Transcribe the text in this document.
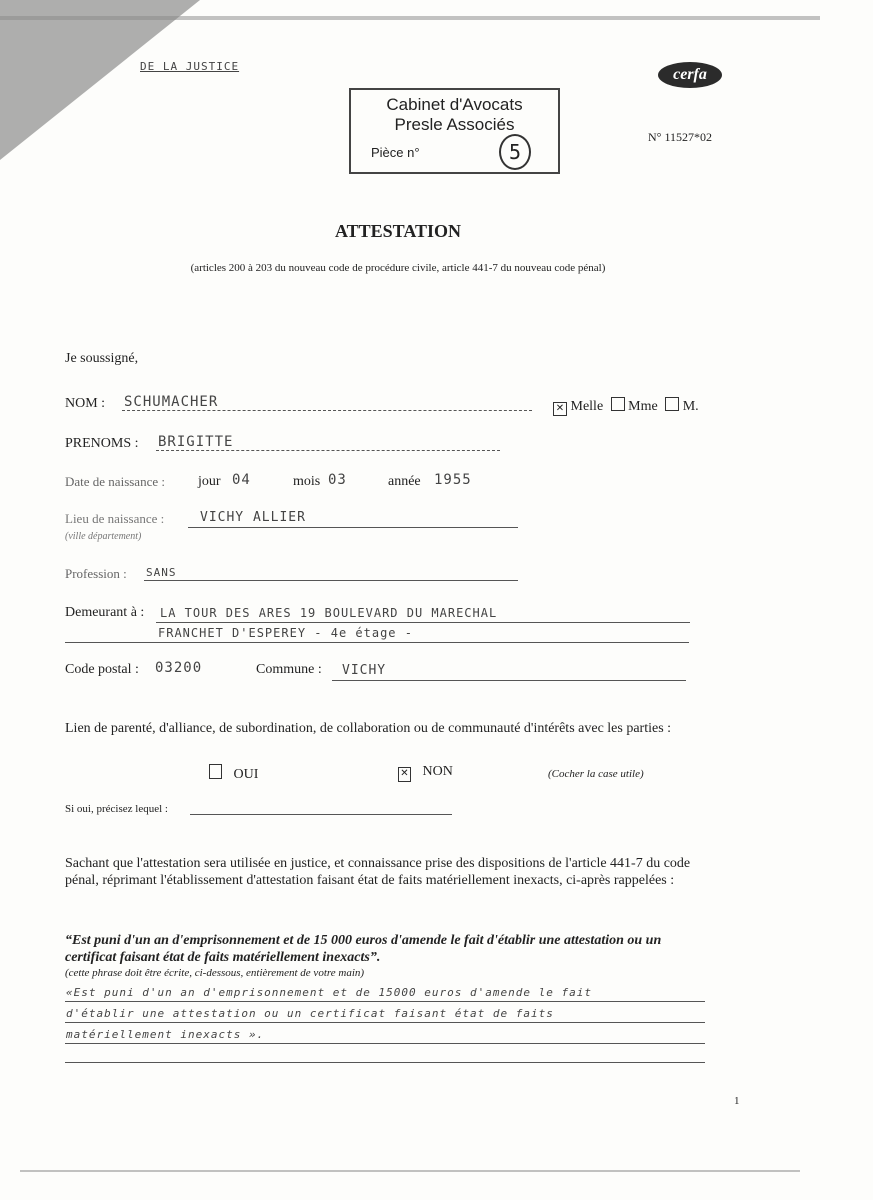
DE LA JUSTICE	cerfa
N° 11527*02
Cabinet d'Avocats
Presle Associés
Pièce n°	5
ATTESTATION
(articles 200 à 203 du nouveau code de procédure civile, article 441-7 du nouveau code pénal)
Je soussigné,
NOM : SCHUMACHER	✕ Melle Mme M.
PRENOMS : BRIGITTE
Date de naissance : jour 04	mois 03	année 1955
Lieu de naissance :
(ville département)
VICHY ALLIER
Profession : SANS
Demeurant à : LA TOUR DES ARES 19 BOULEVARD DU MARECHAL
FRANCHET D'ESPEREY - 4e étage -
Code postal : 03200	Commune : VICHY
Lien de parenté, d'alliance, de subordination, de collaboration ou de communauté d'intérêts avec les parties :
OUI	✕ NON	(Cocher la case utile)
Si oui, précisez lequel :
Sachant que l'attestation sera utilisée en justice, et connaissance prise des dispositions de l'article 441-7 du code pénal, réprimant l'établissement d'attestation faisant état de faits matériellement inexacts, ci-après rappelées :
“Est puni d'un an d'emprisonnement et de 15 000 euros d'amende le fait d'établir une attestation ou un certificat faisant état de faits matériellement inexacts”.
(cette phrase doit être écrite, ci-dessous, entièrement de votre main)
«Est puni d'un an d'emprisonnement et de 15000 euros d'amende le fait
d'établir une attestation ou un certificat faisant état de faits
matériellement inexacts ».
1
